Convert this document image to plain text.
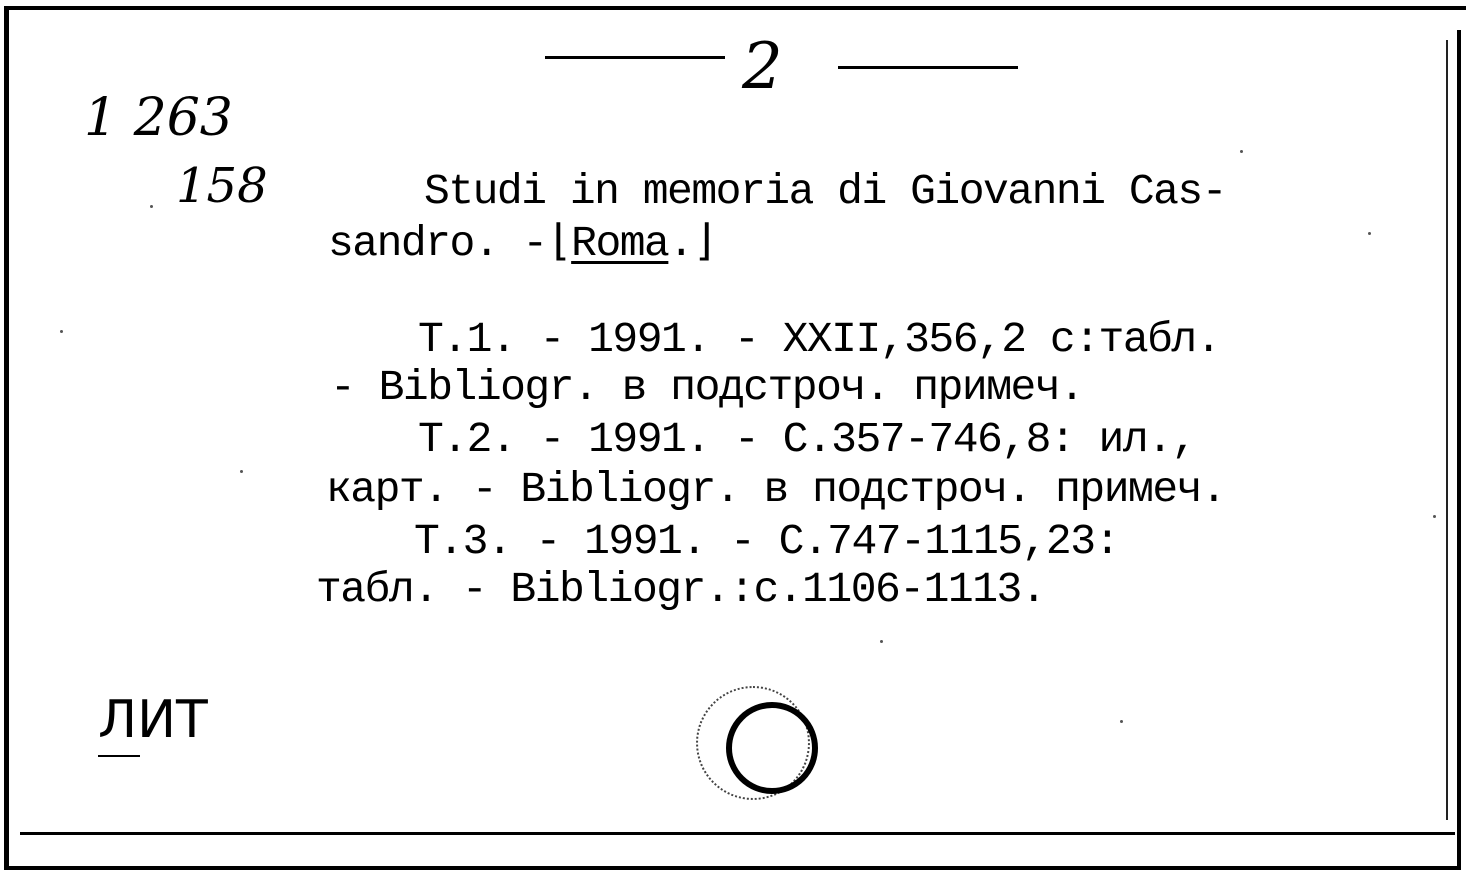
2
1 263
158
ЛИТ
Studi in memoria di Giovanni Cas-
sandro. -⌊Roma.⌋
T.1. - 1991. - XXII,356,2 c:табл.
- Bibliogr. в подстроч. примеч.
T.2. - 1991. - C.357-746,8: ил.,
карт. - Bibliogr. в подстроч. примеч.
T.3. - 1991. - C.747-1115,23:
табл. - Bibliogr.:c.1106-1113.
